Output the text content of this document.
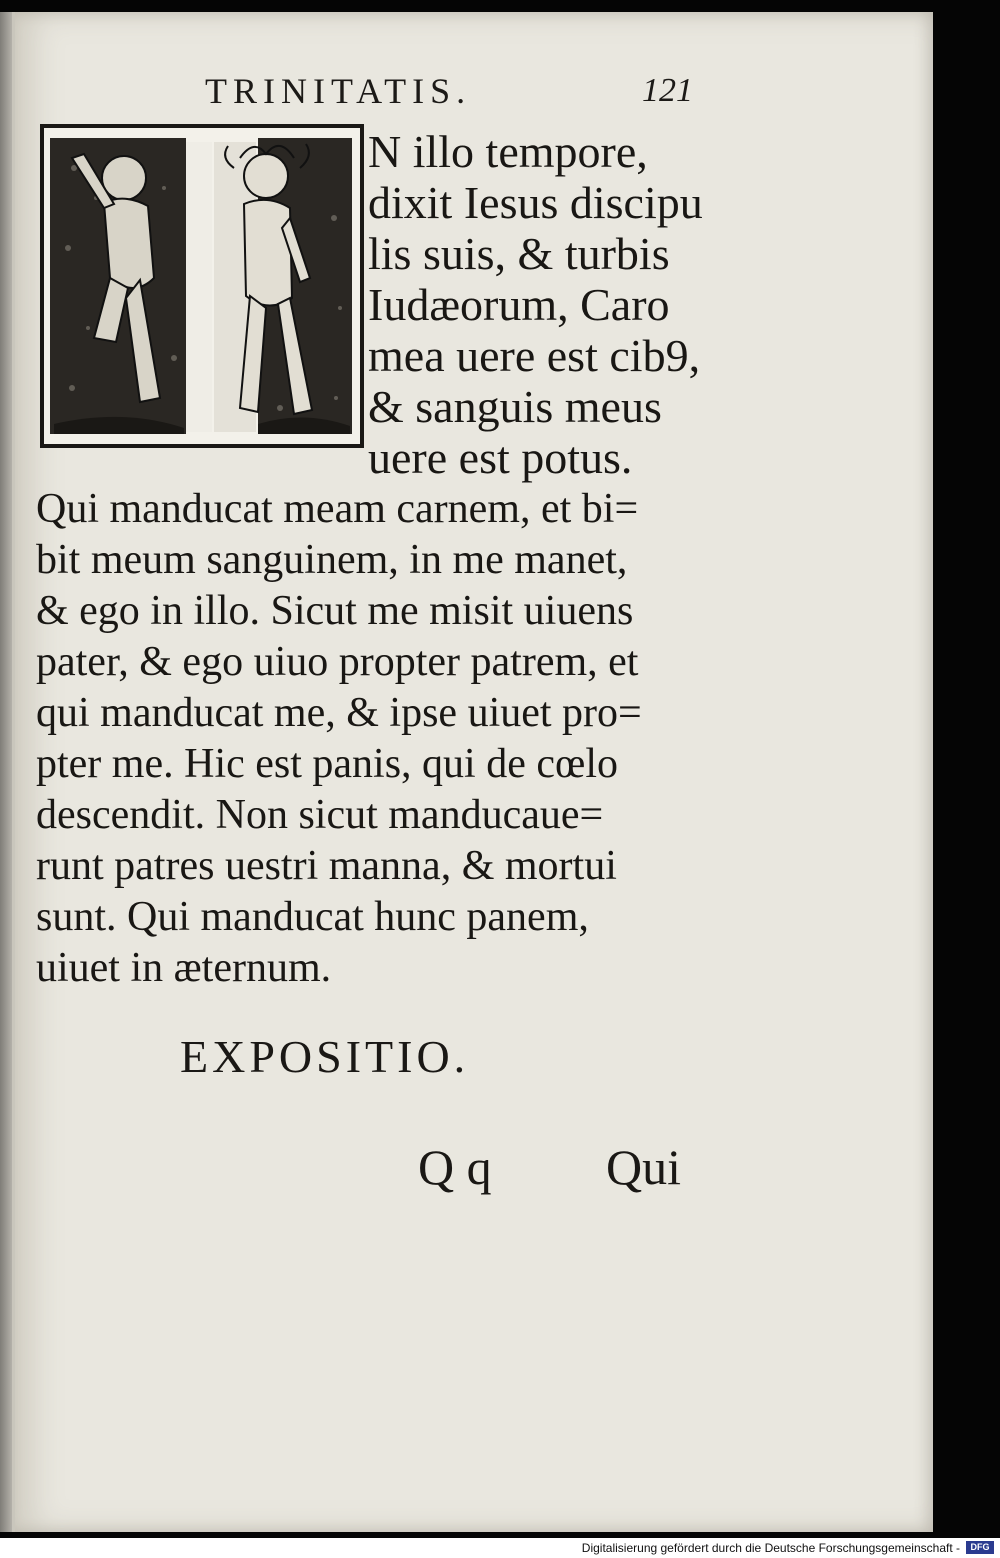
TRINITATIS.	121
N illo tempore,
dixit Iesus discipu
lis suis, & turbis
Iudæorum, Caro
mea uere est cib9,
& sanguis meus
uere est potus.
Qui manducat meam carnem, et bi=
bit meum sanguinem, in me manet,
& ego in illo. Sicut me misit uiuens
pater, & ego uiuo propter patrem, et
qui manducat me, & ipse uiuet pro=
pter me. Hic est panis, qui de cœlo
descendit. Non sicut manducaue=
runt patres uestri manna, & mortui
sunt. Qui manducat hunc panem,
uiuet in æternum.
EXPOSITIO.
Q q Qui
Digitalisierung gefördert durch die Deutsche Forschungsgemeinschaft -	DFG
